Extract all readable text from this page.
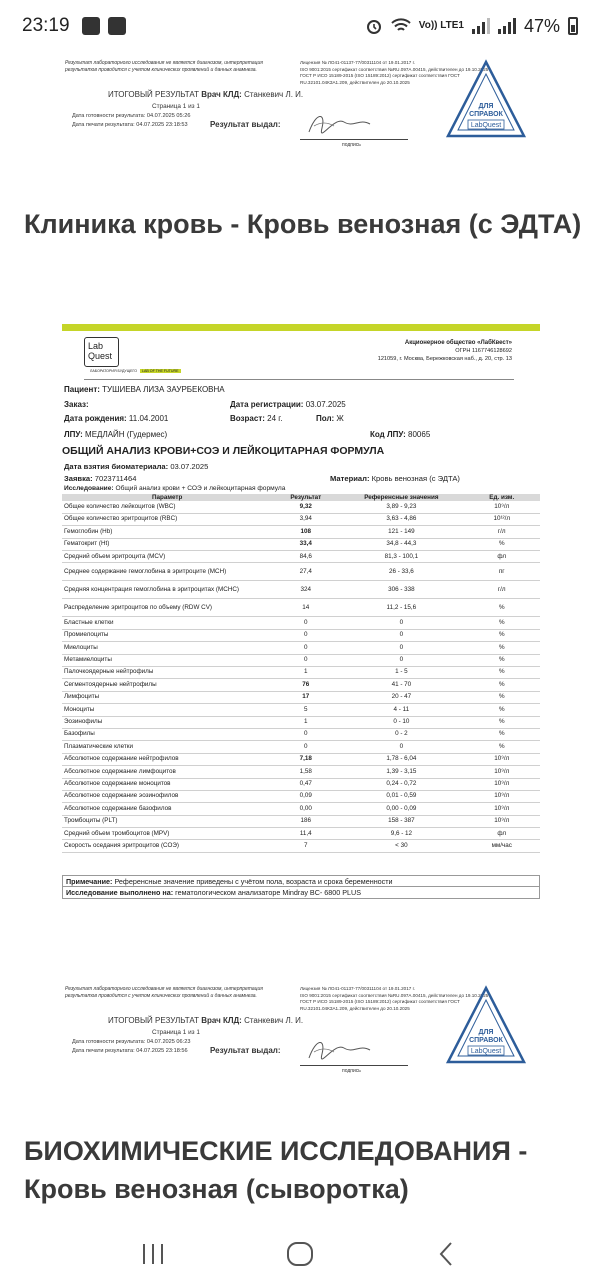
23:19	Vo)) LTE1	47%
Результат лабораторного исследования не является диагнозом, интерпретация результатов проводится с учетом клинических проявлений и данных анамнеза.
Лицензия № ЛО41-01137-77/00311104 от 19.01.2017 г.
ISO 9001:2015 сертификат соответствия №RU.097A.00415, действителен до 19.10.2025
ГОСТ Р ИСО 15189-2015 (ISO 15189:2012) сертификат соответствия ГОСТ
RU.32101.04КЗА1.209, действителен до 20.10.2025
ИТОГОВЫЙ РЕЗУЛЬТАТ Врач КЛД: Станкевич Л. И.
Страница 1 из 1
Дата готовности результата: 04.07.2025 05:26
Дата печати результата: 04.07.2025 23:18:53	Результат выдал:
подпись
ДЛЯ
СПРАВОК
LabQuest
Клиника кровь - Кровь венозная (с ЭДТА)
Lab
Quest
ЛАБОРАТОРИЯ БУДУЩЕГО LAB OF THE FUTURE
Акционерное общество «ЛабКвест»
ОГРН 1167746128692
121059, г. Москва, Бережковская наб., д. 20, стр. 13
Пациент: ТУШИЕВА ЛИЗА ЗАУРБЕКОВНА
Заказ:	Дата регистрации: 03.07.2025
Дата рождения: 11.04.2001	Возраст: 24 г.	Пол: Ж
ЛПУ: МЕДЛАЙН (Гудермес)	Код ЛПУ: 80065
ОБЩИЙ АНАЛИЗ КРОВИ+СОЭ И ЛЕЙКОЦИТАРНАЯ ФОРМУЛА
Дата взятия биоматериала: 03.07.2025
Заявка: 7023711464	Материал: Кровь венозная (с ЭДТА)
Исследование: Общий анализ крови + СОЭ и лейкоцитарная формула
Параметр	Результат	Референсные значения	Ед. изм.
Общее количество лейкоцитов (WBC)	9,32	3,89 - 9,23	10⁹/л
Общее количество эритроцитов (RBC)	3,94	3,63 - 4,86	10¹²/л
Гемоглобин (Hb)	108	121 - 149	г/л
Гематокрит (Ht)	33,4	34,8 - 44,3	%
Средний объем эритроцита (MCV)	84,6	81,3 - 100,1	фл
Среднее содержание гемоглобина в эритроците (MCH)	27,4	26 - 33,6	пг
Средняя концентрация гемоглобина в эритроцитах (MCHC)	324	306 - 338	г/л
Распределение эритроцитов по объему (RDW CV)	14	11,2 - 15,6	%
Бластные клетки	0	0	%
Промиелоциты	0	0	%
Миелоциты	0	0	%
Метамиелоциты	0	0	%
Палочкоядерные нейтрофилы	1	1 - 5	%
Сегментоядерные нейтрофилы	76	41 - 70	%
Лимфоциты	17	20 - 47	%
Моноциты	5	4 - 11	%
Эозинофилы	1	0 - 10	%
Базофилы	0	0 - 2	%
Плазматические клетки	0	0	%
Абсолютное содержание нейтрофилов	7,18	1,78 - 6,04	10⁹/л
Абсолютное содержание лимфоцитов	1,58	1,39 - 3,15	10⁹/л
Абсолютное содержание моноцитов	0,47	0,24 - 0,72	10⁹/л
Абсолютное содержание эозинофилов	0,09	0,01 - 0,59	10⁹/л
Абсолютное содержание базофилов	0,00	0,00 - 0,09	10⁹/л
Тромбоциты (PLT)	186	158 - 387	10⁹/л
Средний объем тромбоцитов (MPV)	11,4	9,6 - 12	фл
Скорость оседания эритроцитов (СОЭ)	7	< 30	мм/час
Примечание: Референсные значение приведены с учётом пола, возраста и срока беременности
Исследование выполнено на: гематологическом анализаторе Mindray BC- 6800 PLUS
Результат лабораторного исследования не является диагнозом, интерпретация результатов проводится с учетом клинических проявлений и данных анамнеза.
Лицензия № ЛО41-01137-77/00311104 от 19.01.2017 г.
ISO 9001:2015 сертификат соответствия №RU.097A.00415, действителен до 19.10.2025
ГОСТ Р ИСО 15189-2015 (ISO 15189:2012) сертификат соответствия ГОСТ
RU.32101.04КЗА1.209, действителен до 20.10.2025
ИТОГОВЫЙ РЕЗУЛЬТАТ Врач КЛД: Станкевич Л. И.
Страница 1 из 1
Дата готовности результата: 04.07.2025 06:23
Дата печати результата: 04.07.2025 23:18:56	Результат выдал:
подпись
ДЛЯ
СПРАВОК
LabQuest
БИОХИМИЧЕСКИЕ ИССЛЕДОВАНИЯ - Кровь венозная (сыворотка)
